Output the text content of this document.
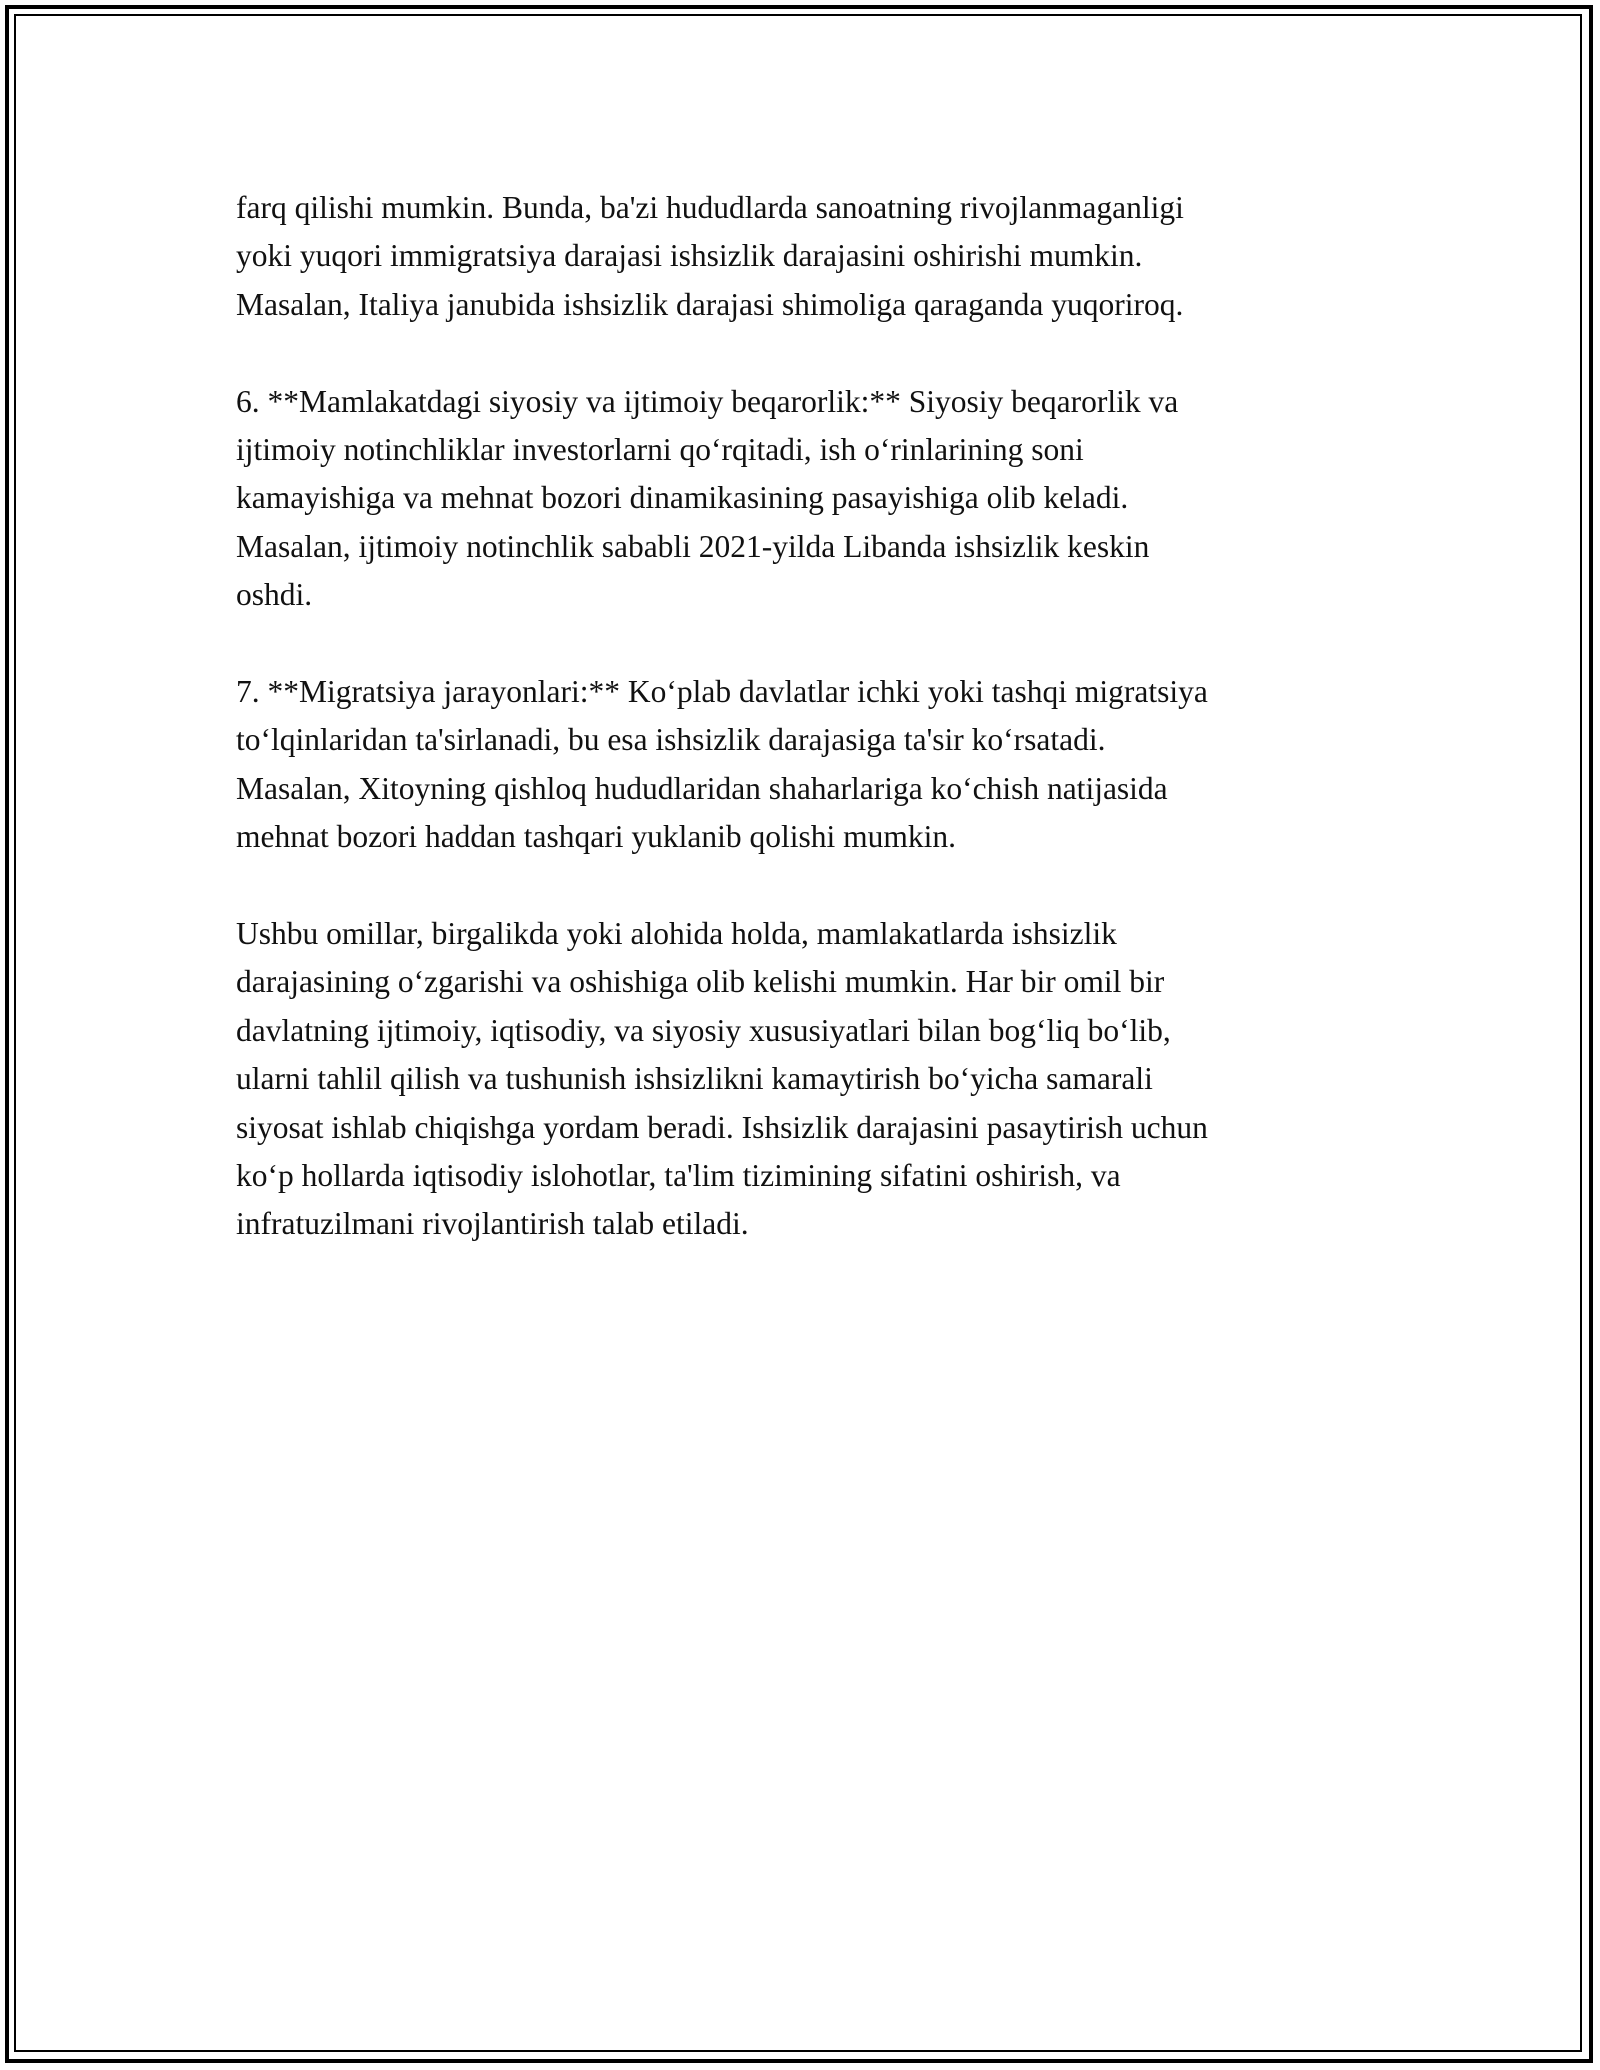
farq qilishi mumkin. Bunda, ba'zi hududlarda sanoatning rivojlanmaganligi
yoki yuqori immigratsiya darajasi ishsizlik darajasini oshirishi mumkin.
Masalan, Italiya janubida ishsizlik darajasi shimoliga qaraganda yuqoriroq.

6. **Mamlakatdagi siyosiy va ijtimoiy beqarorlik:** Siyosiy beqarorlik va
ijtimoiy notinchliklar investorlarni qo‘rqitadi, ish o‘rinlarining soni
kamayishiga va mehnat bozori dinamikasining pasayishiga olib keladi.
Masalan, ijtimoiy notinchlik sababli 2021-yilda Libanda ishsizlik keskin
oshdi.

7. **Migratsiya jarayonlari:** Ko‘plab davlatlar ichki yoki tashqi migratsiya
to‘lqinlaridan ta'sirlanadi, bu esa ishsizlik darajasiga ta'sir ko‘rsatadi.
Masalan, Xitoyning qishloq hududlaridan shaharlariga ko‘chish natijasida
mehnat bozori haddan tashqari yuklanib qolishi mumkin.

Ushbu omillar, birgalikda yoki alohida holda, mamlakatlarda ishsizlik
darajasining o‘zgarishi va oshishiga olib kelishi mumkin. Har bir omil bir
davlatning ijtimoiy, iqtisodiy, va siyosiy xususiyatlari bilan bog‘liq bo‘lib,
ularni tahlil qilish va tushunish ishsizlikni kamaytirish bo‘yicha samarali
siyosat ishlab chiqishga yordam beradi. Ishsizlik darajasini pasaytirish uchun
ko‘p hollarda iqtisodiy islohotlar, ta'lim tizimining sifatini oshirish, va
infratuzilmani rivojlantirish talab etiladi.
